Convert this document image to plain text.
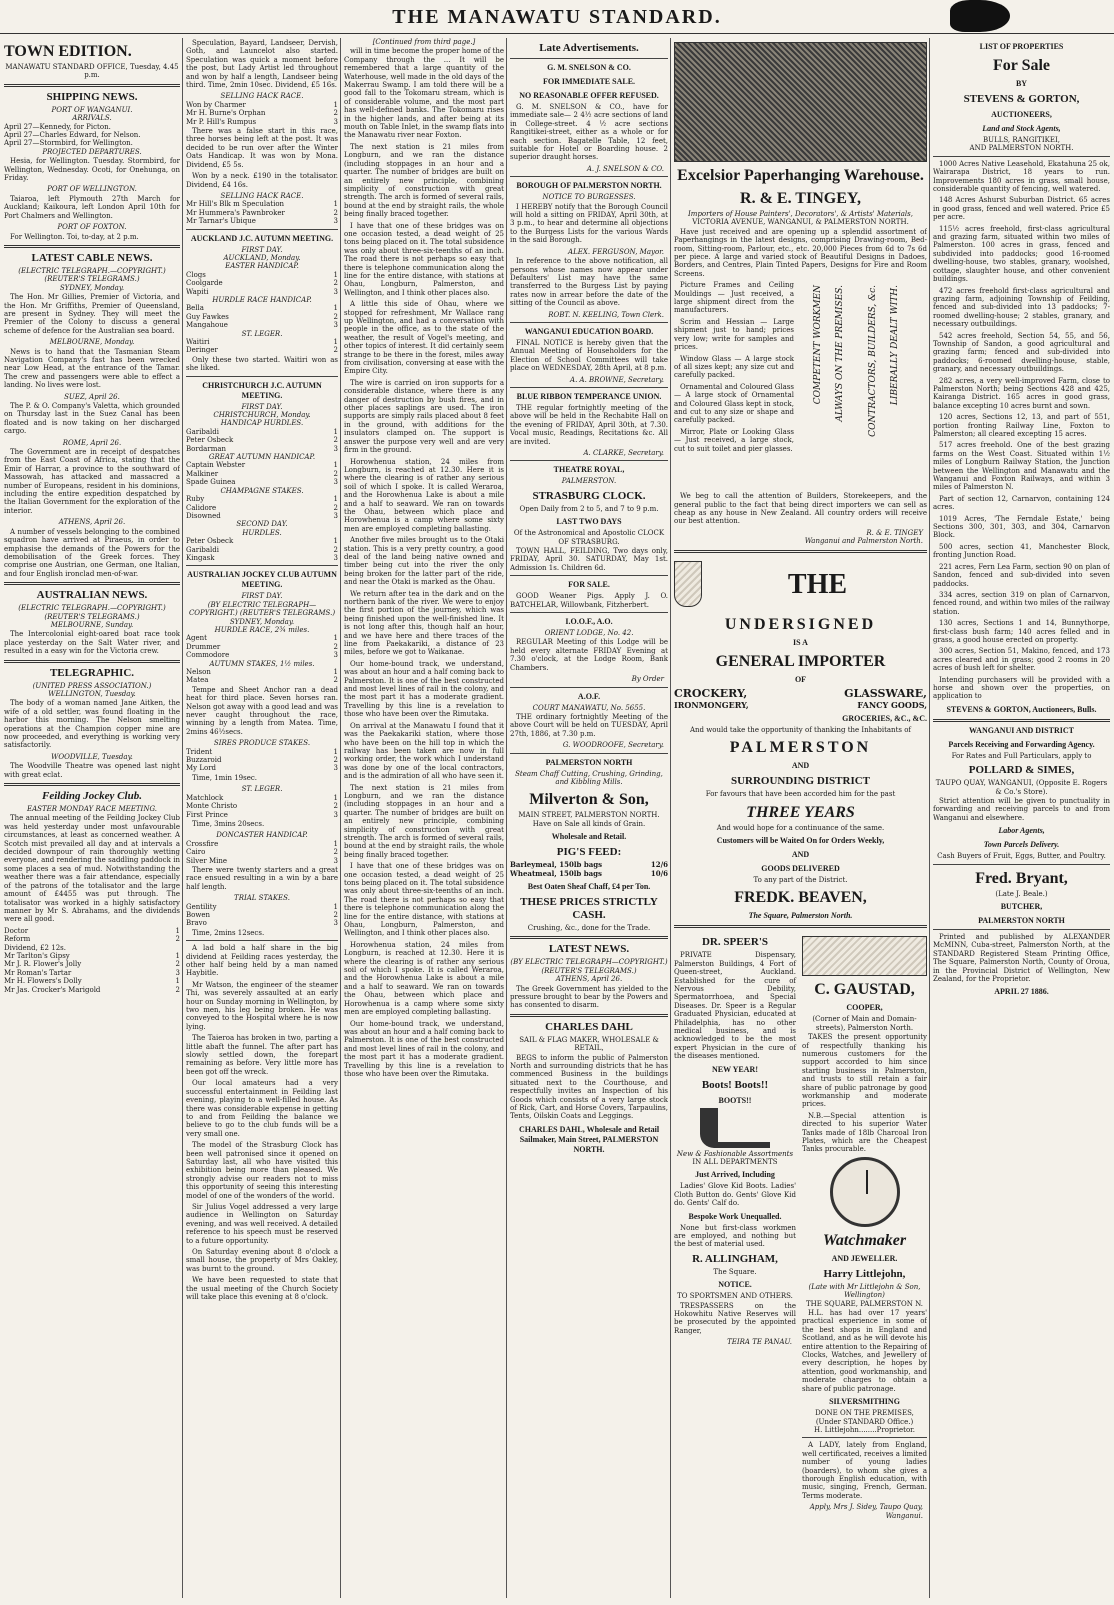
THE MANAWATU STANDARD.
TOWN EDITION.
MANAWATU STANDARD OFFICE, Tuesday, 4.45 p.m.
SHIPPING NEWS.
PORT OF WANGANUI.
ARRIVALS.
April 27—Kennedy, for Picton.
April 27—Charles Edward, for Nelson.
April 27—Stormbird, for Wellington.
PROJECTED DEPARTURES.
Hesia, for Wellington. Tuesday. Stormbird, for Wellington, Wednesday. Ocoti, for Onehunga, on Friday.
PORT OF WELLINGTON.
Taiaroa, left Plymouth 27th March for Auckland; Kaikoura, left London April 10th for Port Chalmers and Wellington.
PORT OF FOXTON.
For Wellington. Toi, to-day, at 2 p.m.
LATEST CABLE NEWS.
(ELECTRIC TELEGRAPH.—COPYRIGHT.) (REUTER'S TELEGRAMS.)
SYDNEY, Monday.
The Hon. Mr Gillies, Premier of Victoria, and the Hon. Mr Griffiths, Premier of Queensland, are present in Sydney. They will meet the Premier of the Colony to discuss a general scheme of defence for the Australian sea board.
MELBOURNE, Monday.
News is to hand that the Tasmanian Steam Navigation Company's fast has been wrecked near Low Head, at the entrance of the Tamar. The crew and passengers were able to effect a landing. No lives were lost.
SUEZ, April 26.
The P. & O. Company's Valetta, which grounded on Thursday last in the Suez Canal has been floated and is now taking on her discharged cargo.
ROME, April 26.
The Government are in receipt of despatches from the East Coast of Africa, stating that the Emir of Harrar, a province to the southward of Massowah, has attacked and massacred a number of Europeans, resident in his dominions, including the entire expedition despatched by the Italian Government for the exploration of the interior.
ATHENS, April 26.
A number of vessels belonging to the combined squadron have arrived at Piraeus, in order to emphasise the demands of the Powers for the demobilisation of the Greek forces. They comprise one Austrian, one German, one Italian, and four English ironclad men-of-war.
AUSTRALIAN NEWS.
(ELECTRIC TELEGRAPH.—COPYRIGHT.) (REUTER'S TELEGRAMS.)
MELBOURNE, Sunday.
The Intercolonial eight-oared boat race took place yesterday on the Salt Water river, and resulted in a easy win for the Victoria crew.
TELEGRAPHIC.
(UNITED PRESS ASSOCIATION.)
WELLINGTON, Tuesday.
The body of a woman named Jane Aitken, the wife of a old settler, was found floating in the harbor this morning. The Nelson smelting operations at the Champion copper mine are now proceeded, and everything is working very satisfactorily.
WOODVILLE, Tuesday.
The Woodville Theatre was opened last night with great eclat.
Feilding Jockey Club.
EASTER MONDAY RACE MEETING.
The annual meeting of the Feilding Jockey Club was held yesterday under most unfavourable circumstances, at least as concerned weather. A Scotch mist prevailed all day and at intervals a decided downpour of rain thoroughly wetting everyone, and rendering the saddling paddock in some places a sea of mud. Notwithstanding the weather there was a fair attendance, especially of the patrons of the totalisator and the large amount of £4455 was put through. The totalisator was worked in a highly satisfactory manner by Mr S. Abrahams, and the dividends were all good.
Doctor	1
Reform	2
Dividend, £2 12s.
Mr Tarlton's Gipsy	1
Mr J. R. Flower's Jolly	2
Mr Roman's Tartar	3
Mr H. Flowers's Dolly	1
Mr Jas. Crocker's Marigold	2
Speculation, Bayard, Landseer, Dervish, Goth, and Launcelot also started. Speculation was quick a moment before the post, but Lady Artist led throughout and won by half a length, Landseer being third. Time, 2min 10sec. Dividend, £5 16s.
SELLING HACK RACE.
Won by Charmer	1
Mr H. Burne's Orphan	2
Mr P. Hill's Rumpus	3
There was a false start in this race, three horses being left at the post. It was decided to be run over after the Winter Oats Handicap. It was won by Mona. Dividend, £5 5s.
Won by a neck. £190 in the totalisator. Dividend, £4 16s.
SELLING HACK RACE.
Mr Hill's Blk m Speculation	1
Mr Hummera's Pawnbroker	2
Mr Tarnar's Ubique	3
AUCKLAND J.C. AUTUMN MEETING.
FIRST DAY.
AUCKLAND, Monday.
EASTER HANDICAP.
Clogs	1
Coolgarde	2
Wapiti	3
HURDLE RACE HANDICAP.
Bella	1
Guy Fawkes	2
Mangahoue	3
ST. LEGER.
Waitiri	1
Deringer	2
Only these two started. Waitiri won as she liked.
CHRISTCHURCH J.C. AUTUMN MEETING.
FIRST DAY.
CHRISTCHURCH, Monday.
HANDICAP HURDLES.
Garibaldi	1
Peter Osbeck	2
Bordarman	3
GREAT AUTUMN HANDICAP.
Captain Webster	1
Malkiner	2
Spade Guinea	3
CHAMPAGNE STAKES.
Ruby	1
Calidore	2
Disowned	3
SECOND DAY.
HURDLES.
Peter Osbeck	1
Garibaldi	2
Kingask	3
AUSTRALIAN JOCKEY CLUB AUTUMN MEETING.
FIRST DAY.
(BY ELECTRIC TELEGRAPH—COPYRIGHT.) (REUTER'S TELEGRAMS.)
SYDNEY, Monday.
HURDLE RACE, 2¾ miles.
Agent	1
Drummer	2
Commodore	3
AUTUMN STAKES, 1½ miles.
Nelson	1
Matea	2
Tempe and Sheet Anchor ran a dead heat for third place. Seven horses ran. Nelson got away with a good lead and was never caught throughout the race, winning by a length from Matea. Time, 2mins 46½secs.
SIRES PRODUCE STAKES.
Trident	1
Buzzaroid	2
My Lord	3
Time, 1min 19sec.
ST. LEGER.
Matchlock	1
Monte Christo	2
First Prince	3
Time, 3mins 20secs.
DONCASTER HANDICAP.
Crossfire	1
Cairo	2
Silver Mine	3
There were twenty starters and a great race ensued resulting in a win by a bare half length.
TRIAL STAKES.
Gentility	1
Bowen	2
Bravo	3
Time, 2mins 12secs.
A lad bold a half share in the big dividend at Feilding races yesterday, the other half being held by a man named Haybitle.
Mr Watson, the engineer of the steamer Thi, was severely assaulted at an early hour on Sunday morning in Wellington, by two men, his leg being broken. He was conveyed to the Hospital where he is now lying.
The Taieroa has broken in two, parting a little abaft the funnel. The after part has slowly settled down, the forepart remaining as before. Very little more has been got off the wreck.
Our local amateurs had a very successful entertainment in Feilding last evening, playing to a well-filled house. As there was considerable expense in getting to and from Feilding the balance we believe to go to the club funds will be a very small one.
The model of the Strasburg Clock has been well patronised since it opened on Saturday last, all who have visited this exhibition being more than pleased. We strongly advise our readers not to miss this opportunity of seeing this interesting model of one of the wonders of the world.
Sir Julius Vogel addressed a very large audience in Wellington on Saturday evening, and was well received. A detailed reference to his speech must be reserved to a future opportunity.
On Saturday evening about 8 o'clock a small house, the property of Mrs Oakley, was burnt to the ground.
We have been requested to state that the usual meeting of the Church Society will take place this evening at 8 o'clock.
[Continued from third page.]
will in time become the proper home of the Company through the ... It will be remembered that a large quantity of the Waterhouse, well made in the old days of the Makerrau Swamp. I am told there will be a good fall to the Tokomaru stream, which is of considerable volume, and the most part has well-defined banks. The Tokomaru rises in the higher lands, and after being at its mouth on Table Inlet, in the swamp flats into the Manawatu river near Foxton.
The next station is 21 miles from Longburn, and we ran the distance (including stoppages in an hour and a quarter. The number of bridges are built on an entirely new principle, combining simplicity of construction with great strength. The arch is formed of several rails, bound at the end by straight rails, the whole being finally braced together.
I have that one of these bridges was on one occasion tested, a dead weight of 25 tons being placed on it. The total subsidence was only about three-six-teenths of an inch. The road there is not perhaps so easy that there is telephone communication along the line for the entire distance, with stations at Ohau, Longburn, Palmerston, and Wellington, and I think other places also.
A little this side of Ohau, where we stopped for refreshment, Mr Wallace rang up Wellington, and had a conversation with people in the office, as to the state of the weather, the result of Vogel's meeting, and other topics of interest. It did certainly seem strange to be there in the forest, miles away from civilisation, conversing at ease with the Empire City.
The wire is carried on iron supports for a considerable distance, where there is any danger of destruction by bush fires, and in other places saplings are used. The iron supports are simply rails placed about 8 feet in the ground, with additions for the insulators clamped on. The support is answer the purpose very well and are very firm in the ground.
Horowhenua station, 24 miles from Longburn, is reached at 12.30. Here it is where the clearing is of rather any serious soil of which I spoke. It is called Weraroa, and the Horowhenua Lake is about a mile and a half to seaward. We ran on towards the Ohau, between which place and Horowhenua is a camp where some sixty men are employed completing ballasting.
Another five miles brought us to the Otaki station. This is a very pretty country, a good deal of the land being native owned and timber being cut into the river the only being broken for the latter part of the ride, and near the Otaki is marked as the Ohau.
We return after tea in the dark and on the northern bank of the river. We were to enjoy the first portion of the journey, which was being finished upon the well-finished line. It is not long after this, though half an hour, and we have here and there traces of the line from Paekakariki, a distance of 23 miles, before we got to Waikanae.
Our home-bound track, we understand, was about an hour and a half coming back to Palmerston. It is one of the best constructed and most level lines of rail in the colony, and the most part it has a moderate gradient. Travelling by this line is a revelation to those who have been over the Rimutaka.
On arrival at the Manawatu I found that it was the Paekakariki station, where those who have been on the hill top in which the railway has been taken are now in full working order, the work which I understand was done by one of the local contractors, and is the admiration of all who have seen it.
The next station is 21 miles from Longburn, and we ran the distance (including stoppages in an hour and a quarter. The number of bridges are built on an entirely new principle, combining simplicity of construction with great strength. The arch is formed of several rails, bound at the end by straight rails, the whole being finally braced together.
I have that one of these bridges was on one occasion tested, a dead weight of 25 tons being placed on it. The total subsidence was only about three-six-teenths of an inch. The road there is not perhaps so easy that there is telephone communication along the line for the entire distance, with stations at Ohau, Longburn, Palmerston, and Wellington, and I think other places also.
Horowhenua station, 24 miles from Longburn, is reached at 12.30. Here it is where the clearing is of rather any serious soil of which I spoke. It is called Weraroa, and the Horowhenua Lake is about a mile and a half to seaward. We ran on towards the Ohau, between which place and Horowhenua is a camp where some sixty men are employed completing ballasting.
Our home-bound track, we understand, was about an hour and a half coming back to Palmerston. It is one of the best constructed and most level lines of rail in the colony, and the most part it has a moderate gradient. Travelling by this line is a revelation to those who have been over the Rimutaka.
Late Advertisements.
G. M. SNELSON & CO.
FOR IMMEDIATE SALE.
NO REASONABLE OFFER REFUSED.
G. M. SNELSON & CO., have for immediate sale— 2 4½ acre sections of land in College-street. 4 ½ acre sections Rangitikei-street, either as a whole or for each section. Bagatelle Table, 12 feet, suitable for Hotel or Boarding house. 2 superior draught horses.
A. J. SNELSON & CO.
BOROUGH OF PALMERSTON NORTH.
NOTICE TO BURGESSES.
I HEREBY notify that the Borough Council will hold a sitting on FRIDAY, April 30th, at 3 p.m., to hear and determine all objections to the Burgess Lists for the various Wards in the said Borough.
ALEX. FERGUSON, Mayor.
In reference to the above notification, all persons whose names now appear under Defaulters' List may have the same transferred to the Burgess List by paying rates now in arrear before the date of the sitting of the Council as above.
ROBT. N. KEELING, Town Clerk.
WANGANUI EDUCATION BOARD.
FINAL NOTICE is hereby given that the Annual Meeting of Householders for the Election of School Committees will take place on WEDNESDAY, 28th April, at 8 p.m.
A. A. BROWNE, Secretary.
BLUE RIBBON TEMPERANCE UNION.
THE regular fortnightly meeting of the above will be held in the Rechabite Hall on the evening of FRIDAY, April 30th, at 7.30. Vocal music, Readings, Recitations &c. All are invited.
A. CLARKE, Secretary.
THEATRE ROYAL,
PALMERSTON.
STRASBURG CLOCK.
Open Daily from 2 to 5, and 7 to 9 p.m.
LAST TWO DAYS
Of the Astronomical and Apostolic CLOCK OF STRASBURG.
TOWN HALL, FEILDING, Two days only, FRIDAY, April 30. SATURDAY, May 1st. Admission 1s. Children 6d.
FOR SALE.
GOOD Weaner Pigs. Apply J. O. BATCHELAR, Willowbank, Fitzherbert.
I.O.O.F., A.O.
ORIENT LODGE, No. 42.
REGULAR Meeting of this Lodge will be held every alternate FRIDAY Evening at 7.30 o'clock, at the Lodge Room, Bank Chambers.
By Order
A.O.F.
COURT MANAWATU, No. 5655.
THE ordinary fortnightly Meeting of the above Court will be held on TUESDAY, April 27th, 1886, at 7.30 p.m.
G. WOODROOFE, Secretary.
PALMERSTON NORTH
Steam Chaff Cutting, Crushing, Grinding, and Kibbling Mills.
Milverton & Son,
MAIN STREET, PALMERSTON NORTH.
Have on Sale all kinds of Grain.
Wholesale and Retail.
PIG'S FEED:
Barleymeal, 150lb bags	12/6
Wheatmeal, 150lb bags	10/6
Best Oaten Sheaf Chaff, £4 per Ton.
THESE PRICES STRICTLY CASH.
Crushing, &c., done for the Trade.
LATEST NEWS.
(BY ELECTRIC TELEGRAPH—COPYRIGHT.) (REUTER'S TELEGRAMS.)
ATHENS, April 26.
The Greek Government has yielded to the pressure brought to bear by the Powers and has consented to disarm.
CHARLES DAHL
SAIL & FLAG MAKER, WHOLESALE & RETAIL,
BEGS to inform the public of Palmerston North and surrounding districts that he has commenced Business in the buildings situated next to the Courthouse, and respectfully invites an Inspection of his Goods which consists of a very large stock of Rick, Cart, and Horse Covers, Tarpaulins, Tents, Oilskin Coats and Leggings.
CHARLES DAHL, Wholesale and Retail Sailmaker, Main Street, PALMERSTON NORTH.
Excelsior Paperhanging Warehouse.
R. & E. TINGEY,
Importers of House Painters', Decorators', & Artists' Materials,
VICTORIA AVENUE, WANGANUI, & PALMERSTON NORTH.
Have just received and are opening up a splendid assortment of Paperhangings in the latest designs, comprising Drawing-room, Bed-room, Sitting-room, Parlour, etc., etc. 20,000 Pieces from 6d to 7s 6d per piece. A large and varied stock of Beautiful Designs in Dadoes, Borders, and Centres, Plain Tinted Papers, Designs for Fire and Room Screens.
Picture Frames and Ceiling Mouldings — Just received, a large shipment direct from the manufacturers.
Scrim and Hessian — Large shipment just to hand; prices very low; write for samples and prices.
Window Glass — A large stock of all sizes kept; any size cut and carefully packed.
Ornamental and Coloured Glass — A large stock of Ornamental and Coloured Glass kept in stock, and cut to any size or shape and carefully packed.
Mirror, Plate or Looking Glass — Just received, a large stock, cut to suit toilet and pier glasses.
COMPETENT WORKMEN ALWAYS ON THE PREMISES.	CONTRACTORS, BUILDERS, &c. LIBERALLY DEALT WITH.
We beg to call the attention of Builders, Storekeepers, and the general public to the fact that being direct importers we can sell as cheap as any house in New Zealand. All country orders will receive our best attention.
R. & E. TINGEY
Wanganui and Palmerston North.
THE
UNDERSIGNED
IS A
GENERAL IMPORTER
OF
CROCKERY,	GLASSWARE,
IRONMONGERY,	FANCY GOODS,
GROCERIES, &C., &C.
And would take the opportunity of thanking the Inhabitants of
PALMERSTON
AND
SURROUNDING DISTRICT
For favours that have been accorded him for the past
THREE YEARS
And would hope for a continuance of the same.
Customers will be Waited On for Orders Weekly,
AND
GOODS DELIVERED
To any part of the District.
FREDK. BEAVEN,
The Square, Palmerston North.
DR. SPEER'S
PRIVATE Dispensary, Palmerston Buildings, 4 Fort of Queen-street, Auckland. Established for the cure of Nervous Debility, Spermatorrhoea, and Special Diseases. Dr. Speer is a Regular Graduated Physician, educated at Philadelphia, has no other medical business, and is acknowledged to be the most expert Physician in the cure of the diseases mentioned.
NEW YEAR!
Boots! Boots!!
BOOTS!!
New & Fashionable Assortments
IN ALL DEPARTMENTS
Just Arrived, Including
Ladies' Glove Kid Boots. Ladies' Cloth Button do. Gents' Glove Kid do. Gents' Calf do.
Bespoke Work Unequalled.
None but first-class workmen are employed, and nothing but the best of material used.
R. ALLINGHAM,
The Square.
NOTICE.
TO SPORTSMEN AND OTHERS.
TRESPASSERS on the Hokowhitu Native Reserves will be prosecuted by the appointed Ranger,
TEIRA TE PANAU.
C. GAUSTAD,
COOPER,
(Corner of Main and Domain-streets), Palmerston North.
TAKES the present opportunity of respectfully thanking his numerous customers for the support accorded to him since starting business in Palmerston, and trusts to still retain a fair share of public patronage by good workmanship and moderate prices.
N.B.—Special attention is directed to his superior Water Tanks made of 18lb Charcoal Iron Plates, which are the Cheapest Tanks procurable.
Watchmaker
AND JEWELLER.
Harry Littlejohn,
(Late with Mr Littlejohn & Son, Wellington)
THE SQUARE, PALMERSTON N.
H.L. has had over 17 years' practical experience in some of the best shops in England and Scotland, and as he will devote his entire attention to the Repairing of Clocks, Watches, and Jewellery of every description, he hopes by attention, good workmanship, and moderate charges to obtain a share of public patronage.
SILVERSMITHING
DONE ON THE PREMISES,
(Under STANDARD Office.)
H. Littlejohn........Proprietor.
A LADY, lately from England, well certificated, receives a limited number of young ladies (boarders), to whom she gives a thorough English education, with music, singing, French, German. Terms moderate.
Apply, Mrs J. Sidey, Taupo Quay, Wanganui.
LIST OF PROPERTIES
For Sale
BY
STEVENS & GORTON,
AUCTIONEERS,
Land and Stock Agents,
BULLS, RANGITIKEI,
AND PALMERSTON NORTH.
1000 Acres Native Leasehold, Ekatahuna 25 ok, Wairarapa District, 18 years to run. Improvements 180 acres in grass, small house, considerable quantity of fencing, well watered.
148 Acres Ashurst Suburban District. 65 acres in good grass, fenced and well watered. Price £5 per acre.
115½ acres freehold, first-class agricultural and grazing farm, situated within two miles of Palmerston. 100 acres in grass, fenced and subdivided into paddocks; good 16-roomed dwelling-house, two stables, granary, woolshed, cottage, slaughter house, and other convenient buildings.
472 acres freehold first-class agricultural and grazing farm, adjoining Township of Feilding, fenced and sub-divided into 13 paddocks; 7-roomed dwelling-house; 2 stables, granary, and necessary outbuildings.
542 acres freehold, Section 54, 55, and 56, Township of Sandon, a good agricultural and grazing farm; fenced and sub-divided into paddocks; 6-roomed dwelling-house, stable, granary, and necessary outbuildings.
282 acres, a very well-improved Farm, close to Palmerston North; being Sections 428 and 425, Kairanga District. 165 acres in good grass, balance excepting 10 acres burnt and sown.
120 acres, Sections 12, 13, and part of 551, portion fronting Railway Line, Foxton to Palmerston; all cleared excepting 15 acres.
517 acres freehold. One of the best grazing farms on the West Coast. Situated within 1½ miles of Longburn Railway Station, the Junction between the Wellington and Manawatu and the Wanganui and Foxton Railways, and within 3 miles of Palmerston N.
Part of section 12, Carnarvon, containing 124 acres.
1019 Acres, 'The Ferndale Estate,' being Sections 300, 301, 303, and 304, Carnarvon Block.
500 acres, section 41, Manchester Block, fronting Junction Road.
221 acres, Fern Lea Farm, section 90 on plan of Sandon, fenced and sub-divided into seven paddocks.
334 acres, section 319 on plan of Carnarvon, fenced round, and within two miles of the railway station.
130 acres, Sections 1 and 14, Bunnythorpe, first-class bush farm; 140 acres felled and in grass, a good house erected on property.
300 acres, Section 51, Makino, fenced, and 173 acres cleared and in grass; good 2 rooms in 20 acres of bush left for shelter.
Intending purchasers will be provided with a horse and shown over the properties, on application to
STEVENS & GORTON, Auctioneers, Bulls.
WANGANUI AND DISTRICT
Parcels Receiving and Forwarding Agency.
For Rates and Full Particulars, apply to
POLLARD & SIMES,
TAUPO QUAY, WANGANUI, (Opposite E. Rogers & Co.'s Store).
Strict attention will be given to punctuality in forwarding and receiving parcels to and from Wanganui and elsewhere.
Labor Agents,
Town Parcels Delivery.
Cash Buyers of Fruit, Eggs, Butter, and Poultry.
Fred. Bryant,
(Late J. Beale.)
BUTCHER,
PALMERSTON NORTH
Printed and published by ALEXANDER McMINN, Cuba-street, Palmerston North, at the STANDARD Registered Steam Printing Office, The Square, Palmerston North, County of Oroua, in the Provincial District of Wellington, New Zealand, for the Proprietor.
APRIL 27 1886.
